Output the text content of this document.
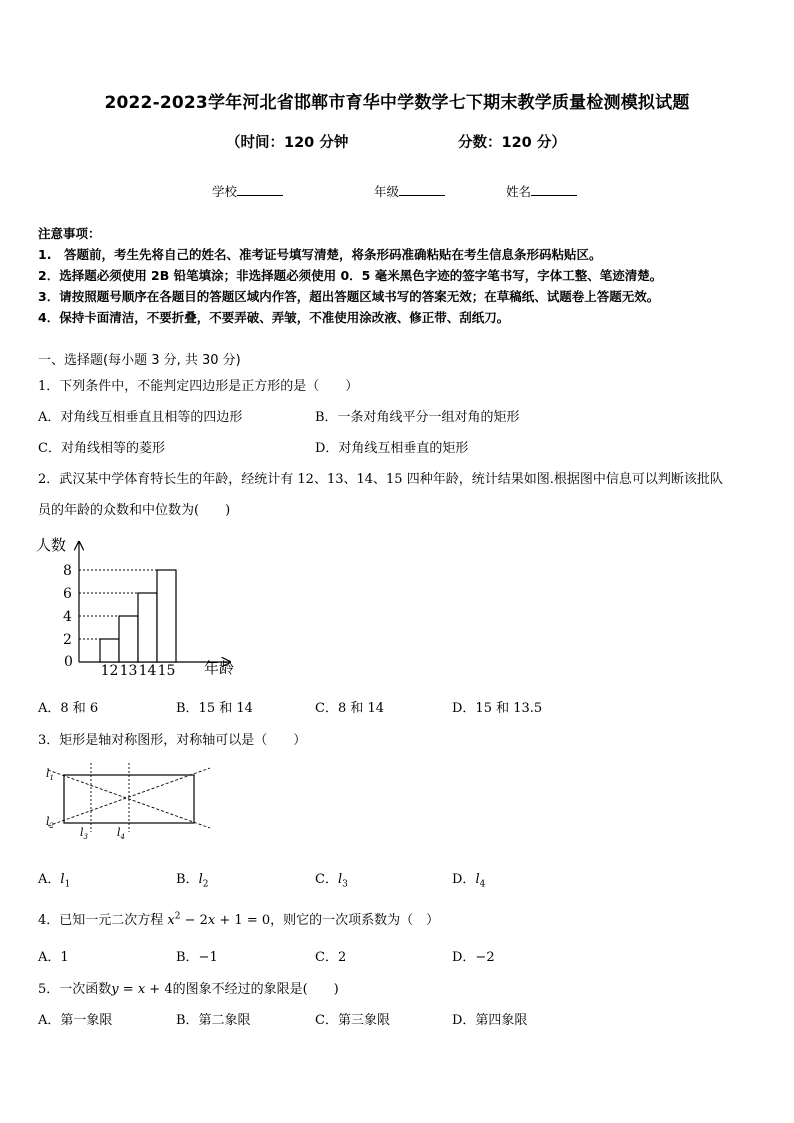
2022-2023学年河北省邯郸市育华中学数学七下期末教学质量检测模拟试题
（时间：120 分钟	分数：120 分）
学校	年级	姓名
注意事项：
1.　答题前，考生先将自己的姓名、准考证号填写清楚，将条形码准确粘贴在考生信息条形码粘贴区。
2．选择题必须使用 2B 铅笔填涂；非选择题必须使用 0．5 毫米黑色字迹的签字笔书写，字体工整、笔迹清楚。
3．请按照题号顺序在各题目的答题区域内作答，超出答题区域书写的答案无效；在草稿纸、试题卷上答题无效。
4．保持卡面清洁，不要折叠，不要弄破、弄皱，不准使用涂改液、修正带、刮纸刀。
一、选择题(每小题 3 分, 共 30 分)
1．下列条件中，不能判定四边形是正方形的是（　　）
A．对角线互相垂直且相等的四边形	B．一条对角线平分一组对角的矩形
C．对角线相等的菱形	D．对角线互相垂直的矩形
2．武汉某中学体育特长生的年龄，经统计有 12、13、14、15 四种年龄，统计结果如图.根据图中信息可以判断该批队
员的年龄的众数和中位数为(　　)
2
4
6
8
12 13 14 15
人数
年龄
0
A．8 和 6	B．15 和 14	C．8 和 14	D．15 和 13.5
3．矩形是轴对称图形，对称轴可以是（　　）
$l_1$
$l_2$ $l_3$	$l_4$
A．$l_1$	B．$l_2$	C．$l_3$	D．$l_4$
4．已知一元二次方程 $x^2 - 2x + 1 = 0$，则它的一次项系数为（　）
A．1	B．−1	C．2	D．−2
5．一次函数y = x + 4的图象不经过的象限是(　　)
A．第一象限	B．第二象限	C．第三象限	D．第四象限
